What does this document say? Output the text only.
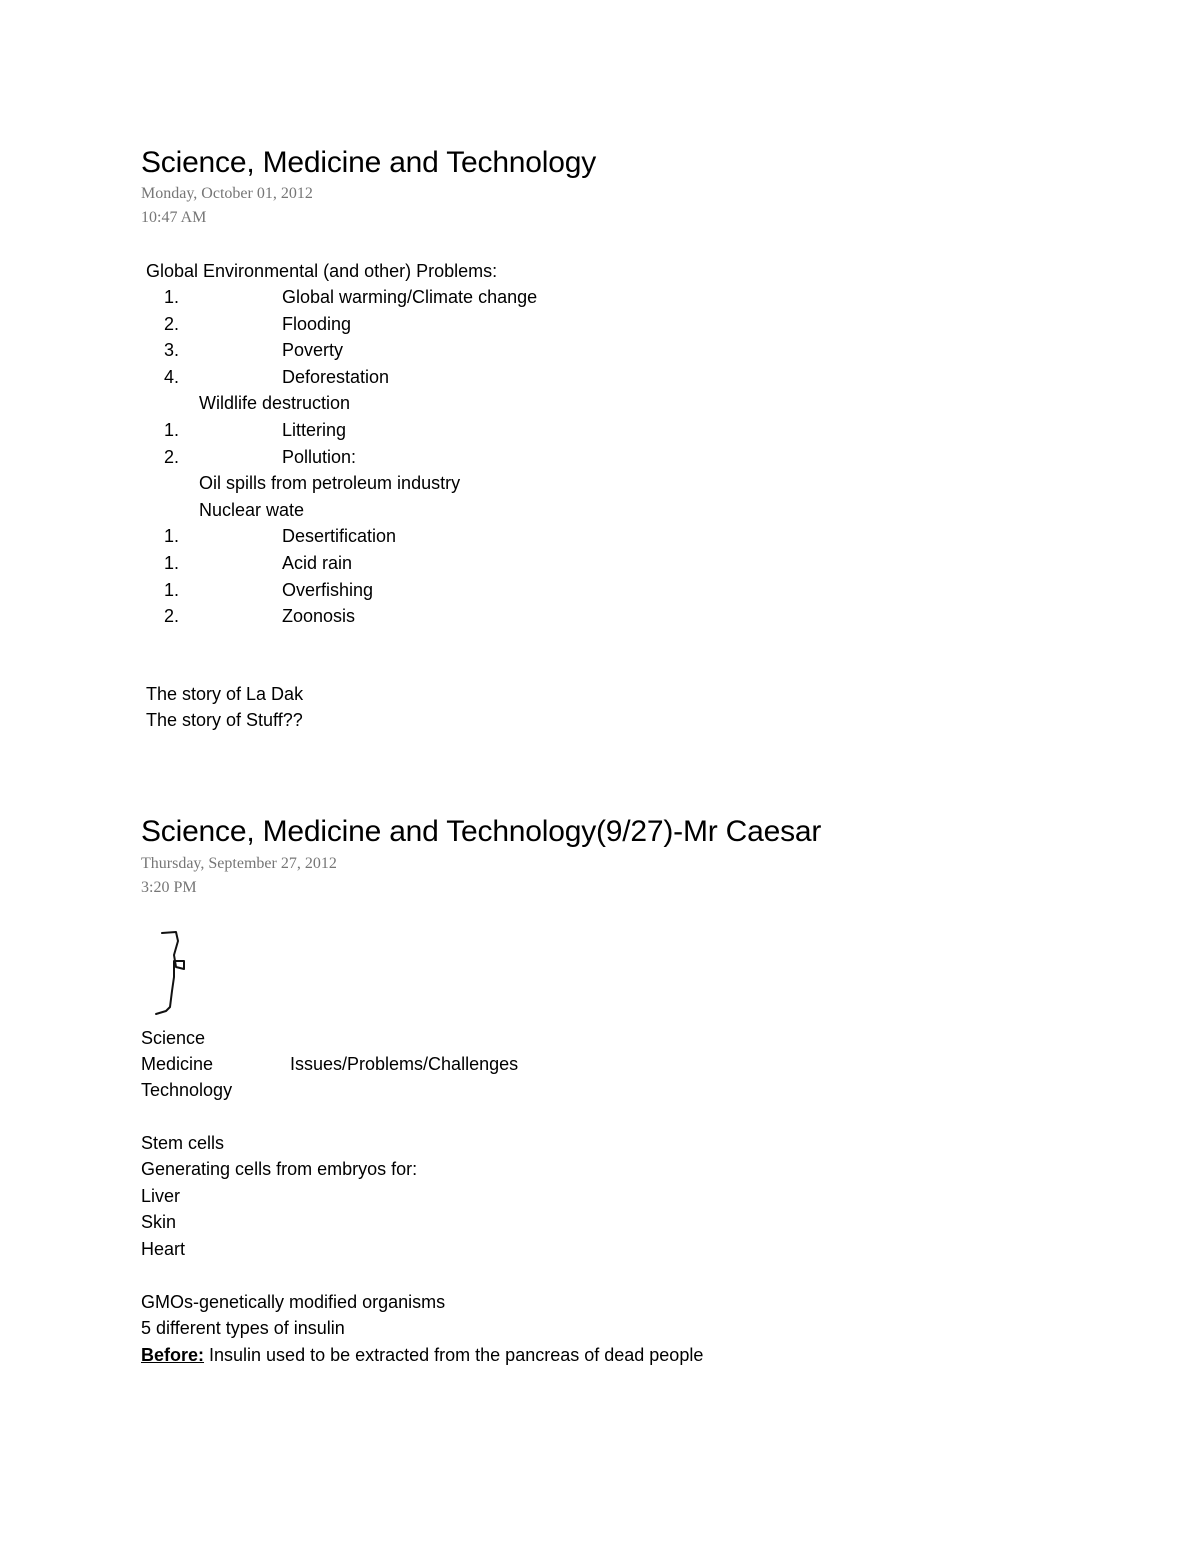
Science, Medicine and Technology
Monday, October 01, 2012
10:47 AM
Global Environmental (and other) Problems:
1.	Global warming/Climate change
2.	Flooding
3.	Poverty
4.	Deforestation
Wildlife destruction
1.	Littering
2.	Pollution:
Oil spills from petroleum industry
Nuclear wate
1.	Desertification
1.	Acid rain
1.	Overfishing
2.	Zoonosis
The story of La Dak
The story of Stuff??
Science, Medicine and Technology(9/27)-Mr Caesar
Thursday, September 27, 2012
3:20 PM
Science
Medicine	Issues/Problems/Challenges
Technology
Stem cells
Generating cells from embryos for:
Liver
Skin
Heart
GMOs-genetically modified organisms
5 different types of insulin
Before: Insulin used to be extracted from the pancreas of dead people
